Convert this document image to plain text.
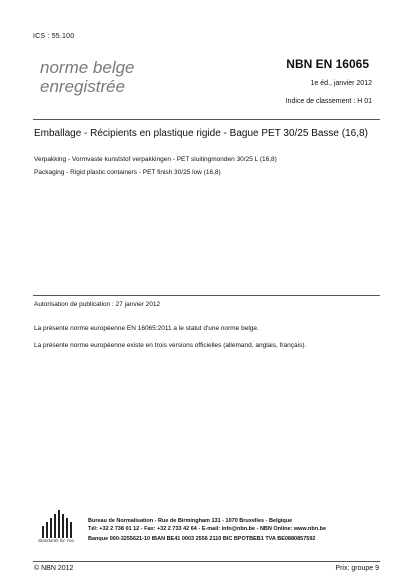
ICS : 55.100
norme belge
enregistrée
NBN EN 16065
1e éd., janvier 2012
Indice de classement : H 01
Emballage - Récipients en plastique rigide - Bague PET 30/25 Basse (16,8)
Verpakking - Vormvaste kunststof verpakkingen - PET sluitingmonden 30/25 L (16,8)
Packaging - Rigid plastic containers - PET finish 30/25 low (16,8)
Autorisation de publication : 27 janvier 2012
La présente norme européenne EN 16065:2011 a le statut d'une norme belge.
La présente norme européenne existe en trois versions officielles (allemand, anglais, français).
Standards for You
Bureau de Normalisation - Rue de Birmingham 131 - 1070 Bruxelles - Belgique
Tél: +32 2 738 01 12 - Fax: +32 2 733 42 64 - E-mail: info@nbn.be - NBN Online: www.nbn.be
Banque 000-3255621-10 IBAN BE41 0003 2556 2110 BIC BPOTBEB1 TVA BE0880857592
© NBN 2012	Prix: groupe 9
